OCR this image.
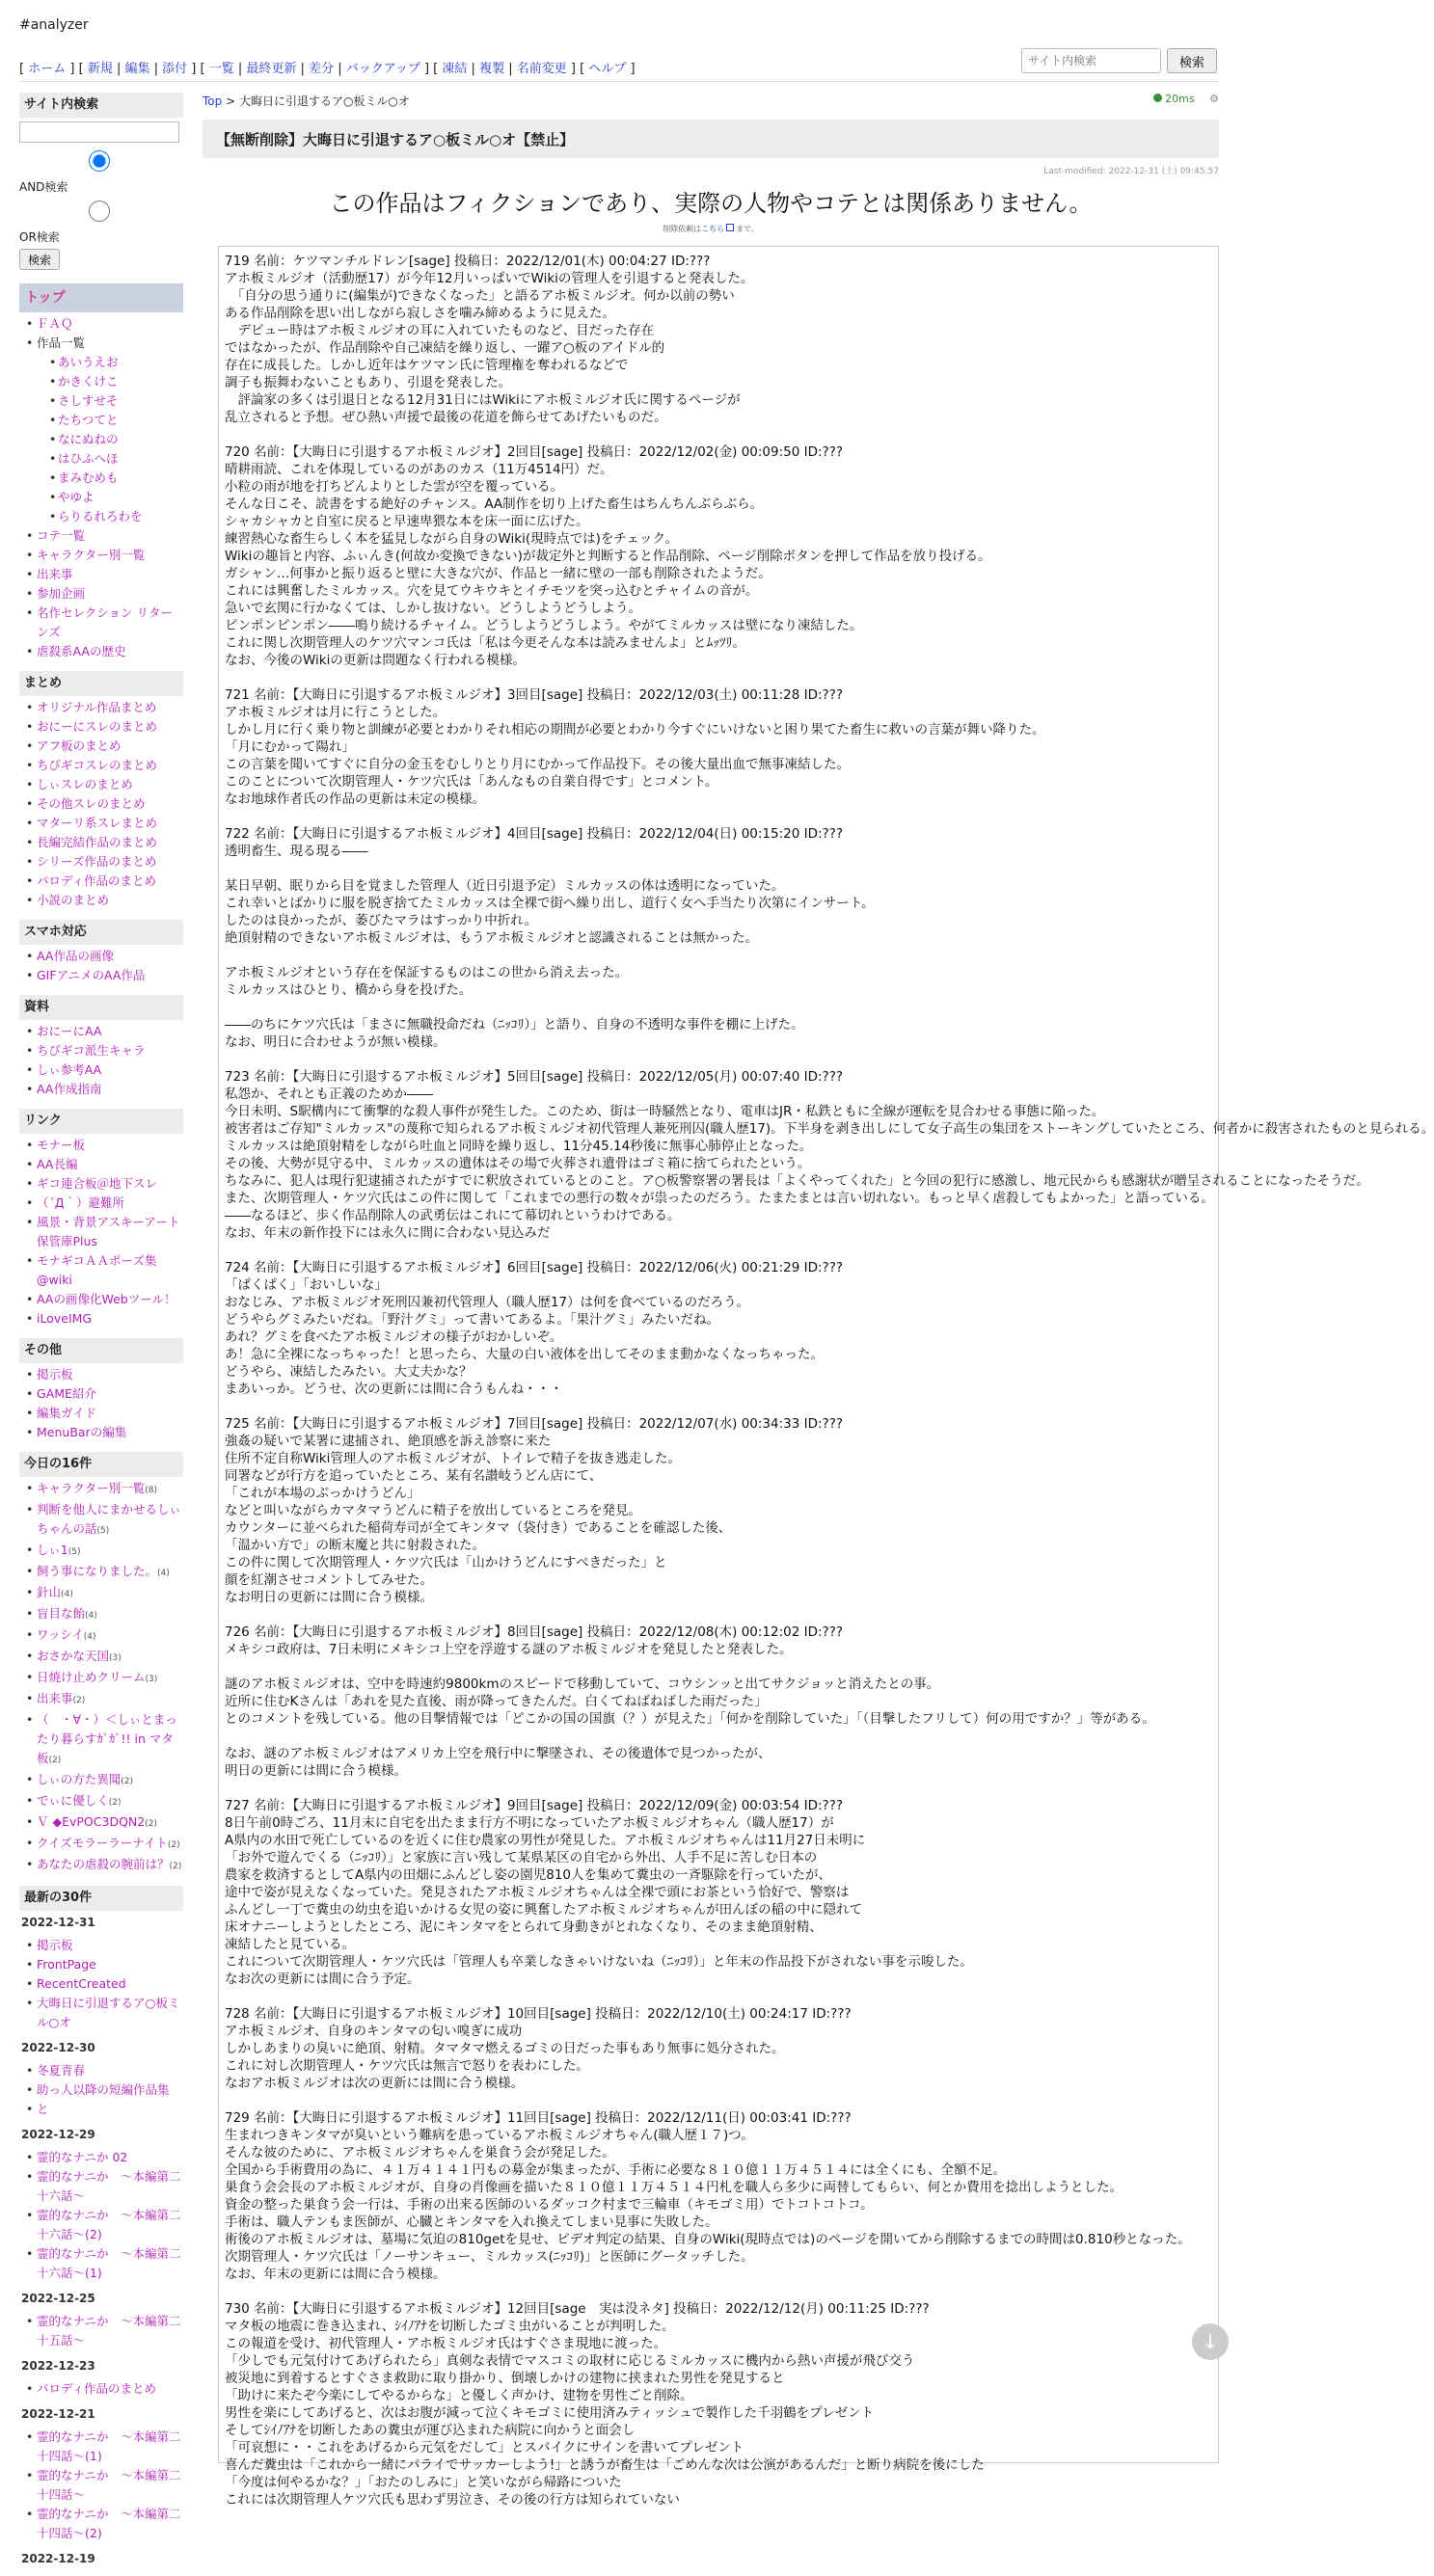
#analyzer
[ ホーム ] [ 新規 | 編集 | 添付 ] [ 一覧 | 最終更新 | 差分 | バックアップ ] [ 凍結 | 複製 | 名前変更 ] [ ヘルプ ]
サイト内検索	検索
サイト内検索

AND検索 OR検索
検索
トップ
• ＦＡＱ
• 作品一覧
• あいうえお
• かきくけこ
• さしすせそ
• たちつてと
• なにぬねの
• はひふへほ
• まみむめも
• やゆよ
• らりるれろわを
• コテ一覧
• キャラクター別一覧
• 出来事
• 参加企画
• 名作セレクション リターンズ
• 虐殺系AAの歴史
まとめ
• オリジナル作品まとめ
• おにーにスレのまとめ
• アフ板のまとめ
• ちびギコスレのまとめ
• しぃスレのまとめ
• その他スレのまとめ
• マターリ系スレまとめ
• 長編完結作品のまとめ
• シリーズ作品のまとめ
• パロディ作品のまとめ
• 小説のまとめ
スマホ対応
• AA作品の画像
• GIFアニメのAA作品
資料
• おにーにAA
• ちびギコ派生キャラ
• しぃ参考AA
• AA作成指南
リンク
• モナー板
• AA長編
• ギコ連合板＠地下スレ
• （´Д｀）避難所
• 風景・背景アスキーアート保管庫Plus
• モナギコＡＡポーズ集@wiki
• AAの画像化Webツール！
• iLoveIMG
その他
• 掲示板
• GAME紹介
• 編集ガイド
• MenuBarの編集
今日の16件
• キャラクター別一覧(8)
• 判断を他人にまかせるしぃちゃんの話(5)
• しぃ1(5)
• 飼う事になりました。(4)
• 針山(4)
• 盲目な飴(4)
• ワッシイ(4)
• おさかな天国(3)
• 日焼け止めクリーム(3)
• 出来事(2)
• （　・∀・）＜しぃとまったり暮らすｶﾞｶﾞ!! in マタ板(2)
• しぃの方た異聞(2)
• でぃに優しく(2)
• Ｖ ◆EvPOC3DQN2(2)
• クイズモラーラーナイト(2)
• あなたの虐殺の腕前は？(2)
最新の30件
2022-12-31
• 掲示板
• FrontPage
• RecentCreated
• 大晦日に引退するア○板ミル○オ
2022-12-30
• 冬夏青春
• 助っ人以降の短編作品集
• と
2022-12-29
• 霊的なナニか 02
• 霊的なナニか　～本編第二十六話～
• 霊的なナニか　～本編第二十六話～(2)
• 霊的なナニか　～本編第二十六話～(1)
2022-12-25
• 霊的なナニか　～本編第二十五話～
2022-12-23
• パロディ作品のまとめ
2022-12-21
• 霊的なナニか　～本編第二十四話～(1)
• 霊的なナニか　～本編第二十四話～
• 霊的なナニか　～本編第二十四話～(2)
2022-12-19
Top > 大晦日に引退するア○板ミル○オ	20ms ⚙
【無断削除】大晦日に引退するア○板ミル○オ【禁止】
Last-modified: 2022-12-31 (土) 09:45:57
この作品はフィクションであり、実際の人物やコテとは関係ありません。
削除依頼はこちら まで。
719 名前：ケツマンチルドレン[sage] 投稿日：2022/12/01(木) 00:04:27 ID:???
アホ板ミルジオ（活動歴17）が今年12月いっぱいでWikiの管理人を引退すると発表した。
　「自分の思う通りに(編集が)できなくなった」と語るアホ板ミルジオ。何か以前の勢い
ある作品削除を思い出しながら寂しさを噛み締めるように見えた。
　デビュー時はアホ板ミルジオの耳に入れていたものなど、目だった存在
ではなかったが、作品削除や自己凍結を繰り返し、一躍ア○板のアイドル的
存在に成長した。しかし近年はケツマン氏に管理権を奪われるなどで
調子も振舞わないこともあり、引退を発表した。
　評論家の多くは引退日となる12月31日にはWikiにアホ板ミルジオ氏に関するページが
乱立されると予想。ぜひ熱い声援で最後の花道を飾らせてあげたいものだ。
720 名前：【大晦日に引退するアホ板ミルジオ】2回目[sage] 投稿日：2022/12/02(金) 00:09:50 ID:???
晴耕雨読、これを体現しているのがあのカス（11万4514円）だ。
小粒の雨が地を打ちどんよりとした雲が空を覆っている。
そんな日こそ、読書をする絶好のチャンス。AA制作を切り上げた畜生はちんちんぶらぶら。
シャカシャカと自室に戻ると早速卑猥な本を床一面に広げた。
練習熱心な畜生らしく本を猛見しながら自身のWiki(現時点では)をチェック。
Wikiの趣旨と内容、ふぃんき(何故か変換できない)が裁定外と判断すると作品削除、ページ削除ボタンを押して作品を放り投げる。
ガシャン…何事かと振り返ると壁に大きな穴が、作品と一緒に壁の一部も削除されたようだ。
これには興奮したミルカッス。穴を見てウキウキとイチモツを突っ込むとチャイムの音が。
急いで玄関に行かなくては、しかし抜けない。どうしようどうしよう。
ピンポンピンポン――鳴り続けるチャイム。どうしようどうしよう。やがてミルカッスは壁になり凍結した。
これに関し次期管理人のケツ穴マンコ氏は「私は今更そんな本は読みませんよ」とﾑｯﾂﾘ。
なお、今後のWikiの更新は問題なく行われる模様。
721 名前：【大晦日に引退するアホ板ミルジオ】3回目[sage] 投稿日：2022/12/03(土) 00:11:28 ID:???
アホ板ミルジオは月に行こうとした。
しかし月に行く乗り物と訓練が必要とわかりそれ相応の期間が必要とわかり今すぐにいけないと困り果てた畜生に救いの言葉が舞い降りた。
「月にむかって陽れ」
この言葉を聞いてすぐに自分の金玉をむしりとり月にむかって作品投下。その後大量出血で無事凍結した。
このことについて次期管理人・ケツ穴氏は「あんなもの自業自得です」とコメント。
なお地球作者氏の作品の更新は未定の模様。
722 名前：【大晦日に引退するアホ板ミルジオ】4回目[sage] 投稿日：2022/12/04(日) 00:15:20 ID:???
透明畜生、現る現る――
某日早朝、眠りから目を覚ました管理人（近日引退予定）ミルカッスの体は透明になっていた。
これ幸いとばかりに服を脱ぎ捨てたミルカッスは全裸で街へ繰り出し、道行く女へ手当たり次第にインサート。
したのは良かったが、萎びたマラはすっかり中折れ。
絶頂射精のできないアホ板ミルジオは、もうアホ板ミルジオと認識されることは無かった。
アホ板ミルジオという存在を保証するものはこの世から消え去った。
ミルカッスはひとり、橋から身を投げた。
――のちにケツ穴氏は「まさに無職投命だね（ﾆｯｺﾘ）」と語り、自身の不透明な事件を棚に上げた。
なお、明日に合わせようが無い模様。
723 名前：【大晦日に引退するアホ板ミルジオ】5回目[sage] 投稿日：2022/12/05(月) 00:07:40 ID:???
私怨か、それとも正義のためか――
今日未明、S駅構内にて衝撃的な殺人事件が発生した。このため、街は一時騒然となり、電車はJR・私鉄ともに全線が運転を見合わせる事態に陥った。
被害者はご存知"ミルカッス"の蔑称で知られるアホ板ミルジオ初代管理人兼死刑囚(職人歴17)。下半身を剥き出しにして女子高生の集団をストーキングしていたところ、何者かに殺害されたものと見られる。
ミルカッスは絶頂射精をしながら吐血と同時を繰り返し、11分45.14秒後に無事心肺停止となった。
その後、大勢が見守る中、ミルカッスの遺体はその場で火葬され遺骨はゴミ箱に捨てられたという。
ちなみに、犯人は現行犯逮捕されたがすでに釈放されているとのこと。ア○板警察署の署長は「よくやってくれた」と今回の犯行に感激し、地元民からも感謝状が贈呈されることになったそうだ。
また、次期管理人・ケツ穴氏はこの件に関して「これまでの悪行の数々が祟ったのだろう。たまたまとは言い切れない。もっと早く虐殺してもよかった」と語っている。
――なるほど、歩く作品削除人の武勇伝はこれにて幕切れというわけである。
なお、年末の新作投下には永久に間に合わない見込みだ
724 名前：【大晦日に引退するアホ板ミルジオ】6回目[sage] 投稿日：2022/12/06(火) 00:21:29 ID:???
「ぱくぱく」「おいしいな」
おなじみ、アホ板ミルジオ死刑囚兼初代管理人（職人歴17）は何を食べているのだろう。
どうやらグミみたいだね。「野汁グミ」って書いてあるよ。「果汁グミ」みたいだね。
あれ？グミを食べたアホ板ミルジオの様子がおかしいぞ。
あ！急に全裸になっちゃった！と思ったら、大量の白い液体を出してそのまま動かなくなっちゃった。
どうやら、凍結したみたい。大丈夫かな？
まあいっか。どうせ、次の更新には間に合うもんね・・・
725 名前：【大晦日に引退するアホ板ミルジオ】7回目[sage] 投稿日：2022/12/07(水) 00:34:33 ID:???
強姦の疑いで某署に逮捕され、絶頂感を訴え診察に来た
住所不定自称Wiki管理人のアホ板ミルジオが、トイレで精子を抜き逃走した。
同署などが行方を追っていたところ、某有名讃岐うどん店にて、
「これが本場のぶっかけうどん」
などと叫いながらカマタマうどんに精子を放出しているところを発見。
カウンターに並べられた稲荷寿司が全てキンタマ（袋付き）であることを確認した後、
「温かい方で」の断末魔と共に射殺された。
この件に関して次期管理人・ケツ穴氏は「山かけうどんにすべきだった」と
顔を紅潮させコメントしてみせた。
なお明日の更新には間に合う模様。
726 名前：【大晦日に引退するアホ板ミルジオ】8回目[sage] 投稿日：2022/12/08(木) 00:12:02 ID:???
メキシコ政府は、7日未明にメキシコ上空を浮遊する謎のアホ板ミルジオを発見したと発表した。
謎のアホ板ミルジオは、空中を時速約9800kmのスピードで移動していて、コウシンッと出てサクジョッと消えたとの事。
近所に住むKさんは「あれを見た直後、雨が降ってきたんだ。白くてねばねばした雨だった」
とのコメントを残している。他の目撃情報では「どこかの国の国旗（？）が見えた」「何かを削除していた」「（目撃したフリして）何の用ですか？」等がある。
なお、謎のアホ板ミルジオはアメリカ上空を飛行中に撃墜され、その後遺体で見つかったが、
明日の更新には間に合う模様。
727 名前：【大晦日に引退するアホ板ミルジオ】9回目[sage] 投稿日：2022/12/09(金) 00:03:54 ID:???
8日午前0時ごろ、11月末に自宅を出たまま行方不明になっていたアホ板ミルジオちゃん（職人歴17）が
A県内の水田で死亡しているのを近くに住む農家の男性が発見した。アホ板ミルジオちゃんは11月27日未明に
「お外で遊んでくる（ﾆｯｺﾘ）」と家族に言い残して某県某区の自宅から外出、人手不足に苦しむ日本の
農家を救済するとしてA県内の田畑にふんどし姿の園児810人を集めて糞虫の一斉駆除を行っていたが、
途中で姿が見えなくなっていた。発見されたアホ板ミルジオちゃんは全裸で頭にお茶という恰好で、警察は
ふんどし一丁で糞虫の幼虫を追いかける女児の姿に興奮したアホ板ミルジオちゃんが田んぼの稲の中に隠れて
床オナニーしようとしたところ、泥にキンタマをとられて身動きがとれなくなり、そのまま絶頂射精、
凍結したと見ている。
これについて次期管理人・ケツ穴氏は「管理人も卒業しなきゃいけないね（ﾆｯｺﾘ）」と年末の作品投下がされない事を示唆した。
なお次の更新には間に合う予定。
728 名前：【大晦日に引退するアホ板ミルジオ】10回目[sage] 投稿日：2022/12/10(土) 00:24:17 ID:???
アホ板ミルジオ、自身のキンタマの匂い嗅ぎに成功
しかしあまりの臭いに絶頂、射精。タマタマ燃えるゴミの日だった事もあり無事に処分された。
これに対し次期管理人・ケツ穴氏は無言で怒りを表わにした。
なおアホ板ミルジオは次の更新には間に合う模様。
729 名前：【大晦日に引退するアホ板ミルジオ】11回目[sage] 投稿日：2022/12/11(日) 00:03:41 ID:???
生まれつきキンタマが臭いという難病を患っているアホ板ミルジオちゃん(職人歴１７)つ。
そんな彼のために、アホ板ミルジオちゃんを巣食う会が発足した。
全国から手術費用の為に、４１万４１４１円もの募金が集まったが、手術に必要な８１０億１１万４５１４には全くにも、全額不足。
巣食う会会長のアホ板ミルジオが、自身の肖像画を描いた８１０億１１万４５１４円札を職人ら多少に両替してもらい、何とか費用を捻出しようとした。
資金の整った巣食う会一行は、手術の出来る医師のいるダッコク村まで三輪車（キモゴミ用）でトコトコトコ。
手術は、職人テンもま医師が、心臓とキンタマを入れ換えてしまい見事に失敗した。
術後のアホ板ミルジオは、墓場に気迫の810getを見せ、ビデオ判定の結果、自身のWiki(現時点では)のページを開いてから削除するまでの時間は0.810秒となった。
次期管理人・ケツ穴氏は「ノーサンキュー、ミルカッス(ﾆｯｺﾘ)」と医師にグータッチした。
なお、年末の更新には間に合う模様。
730 名前：【大晦日に引退するアホ板ミルジオ】12回目[sage　実は没ネタ] 投稿日：2022/12/12(月) 00:11:25 ID:???
マタ板の地震に巻き込まれ、ｼｲﾉｱﾅを切断したゴミ虫がいることが判明した。
この報道を受け、初代管理人・アホ板ミルジオ氏はすぐさま現地に渡った。
「少しでも元気付けてあげられたら」真剣な表情でマスコミの取材に応じるミルカッスに機内から熱い声援が飛び交う
被災地に到着するとすぐさま救助に取り掛かり、倒壊しかけの建物に挟まれた男性を発見すると
「助けに来たぞ今楽にしてやるからな」と優しく声かけ、建物を男性ごと削除。
男性を楽にしてあげると、次はお腹が減って泣くキモゴミに使用済みティッシュで製作した千羽鶴をプレゼント
そしてｼｲﾉｱﾅを切断したあの糞虫が運び込まれた病院に向かうと面会し
「可哀想に・・これをあげるから元気をだして」とスパイクにサインを書いてプレゼント
喜んだ糞虫は「これから一緒にパライでサッカーしよう!」と誘うが畜生は「ごめんな次は公演があるんだ」と断り病院を後にした
「今度は何やるかな？」「おたのしみに」と笑いながら帰路についた
これには次期管理人ケツ穴氏も思わず男泣き、その後の行方は知られていない
↓
